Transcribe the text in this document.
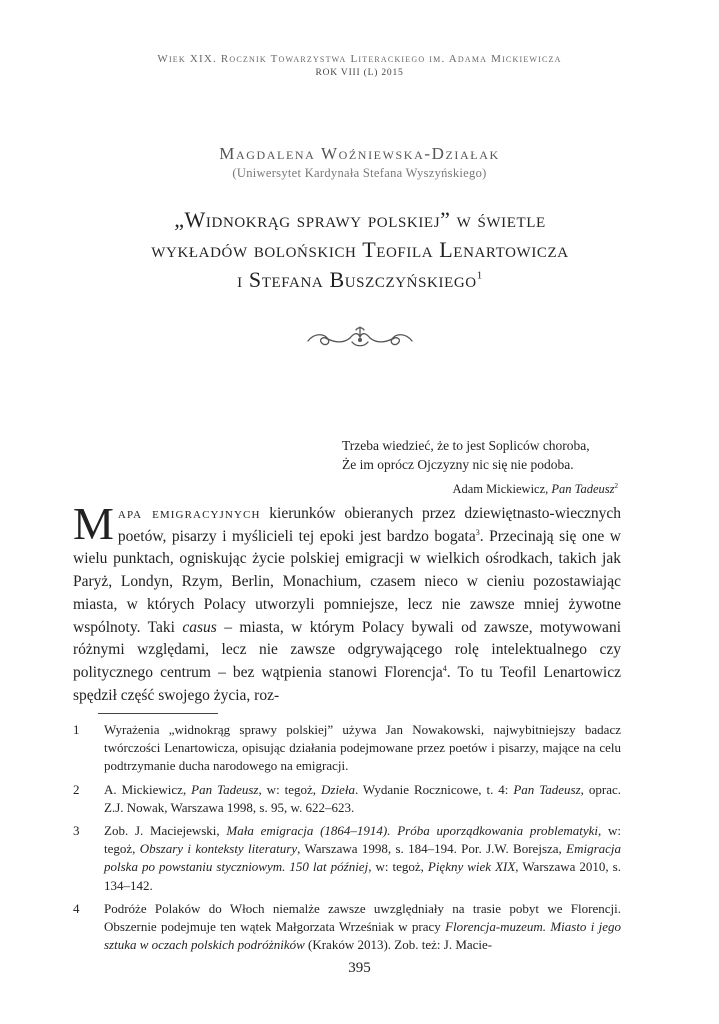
Wiek XIX. Rocznik Towarzystwa Literackiego im. Adama Mickiewicza
ROK VIII (L) 2015
Magdalena Woźniewska-Działak
(Uniwersytet Kardynała Stefana Wyszyńskiego)
„Widnokrąg sprawy polskiej” w świetle
wykładów bolońskich Teofila Lenartowicza
i Stefana Buszczyńskiego$^1$
Trzeba wiedzieć, że to jest Sopliców choroba,
Że im oprócz Ojczyzny nic się nie podoba.
Adam Mickiewicz, Pan Tadeusz$^2$
Mapa emigracyjnych kierunków obieranych przez dziewiętnasto-wiecznych poetów, pisarzy i myślicieli tej epoki jest bardzo bogata$^3$. Przecinają się one w wielu punktach, ogniskując życie polskiej emigracji w wielkich ośrodkach, takich jak Paryż, Londyn, Rzym, Berlin, Monachium, czasem nieco w cieniu pozostawiając miasta, w których Polacy utworzyli pomniejsze, lecz nie zawsze mniej żywotne wspólnoty. Taki casus – miasta, w którym Polacy bywali od zawsze, motywowani różnymi względami, lecz nie zawsze odgrywającego rolę intelektualnego czy politycznego centrum – bez wątpienia stanowi Florencja$^4$. To tu Teofil Lenartowicz spędził część swojego życia, roz-
1 Wyrażenia „widnokrąg sprawy polskiej” używa Jan Nowakowski, najwybitniejszy badacz twórczości Lenartowicza, opisując działania podejmowane przez poetów i pisarzy, mające na celu podtrzymanie ducha narodowego na emigracji.
2 A. Mickiewicz, Pan Tadeusz, w: tegoż, Dzieła. Wydanie Rocznicowe, t. 4: Pan Tadeusz, oprac. Z.J. Nowak, Warszawa 1998, s. 95, w. 622–623.
3 Zob. J. Maciejewski, Mała emigracja (1864–1914). Próba uporządkowania problematyki, w: tegoż, Obszary i konteksty literatury, Warszawa 1998, s. 184–194. Por. J.W. Borejsza, Emigracja polska po powstaniu styczniowym. 150 lat później, w: tegoż, Piękny wiek XIX, Warszawa 2010, s. 134–142.
4 Podróże Polaków do Włoch niemalże zawsze uwzględniały na trasie pobyt we Florencji. Obszernie podejmuje ten wątek Małgorzata Wrześniak w pracy Florencja-muzeum. Miasto i jego sztuka w oczach polskich podróżników (Kraków 2013). Zob. też: J. Macie-
395
